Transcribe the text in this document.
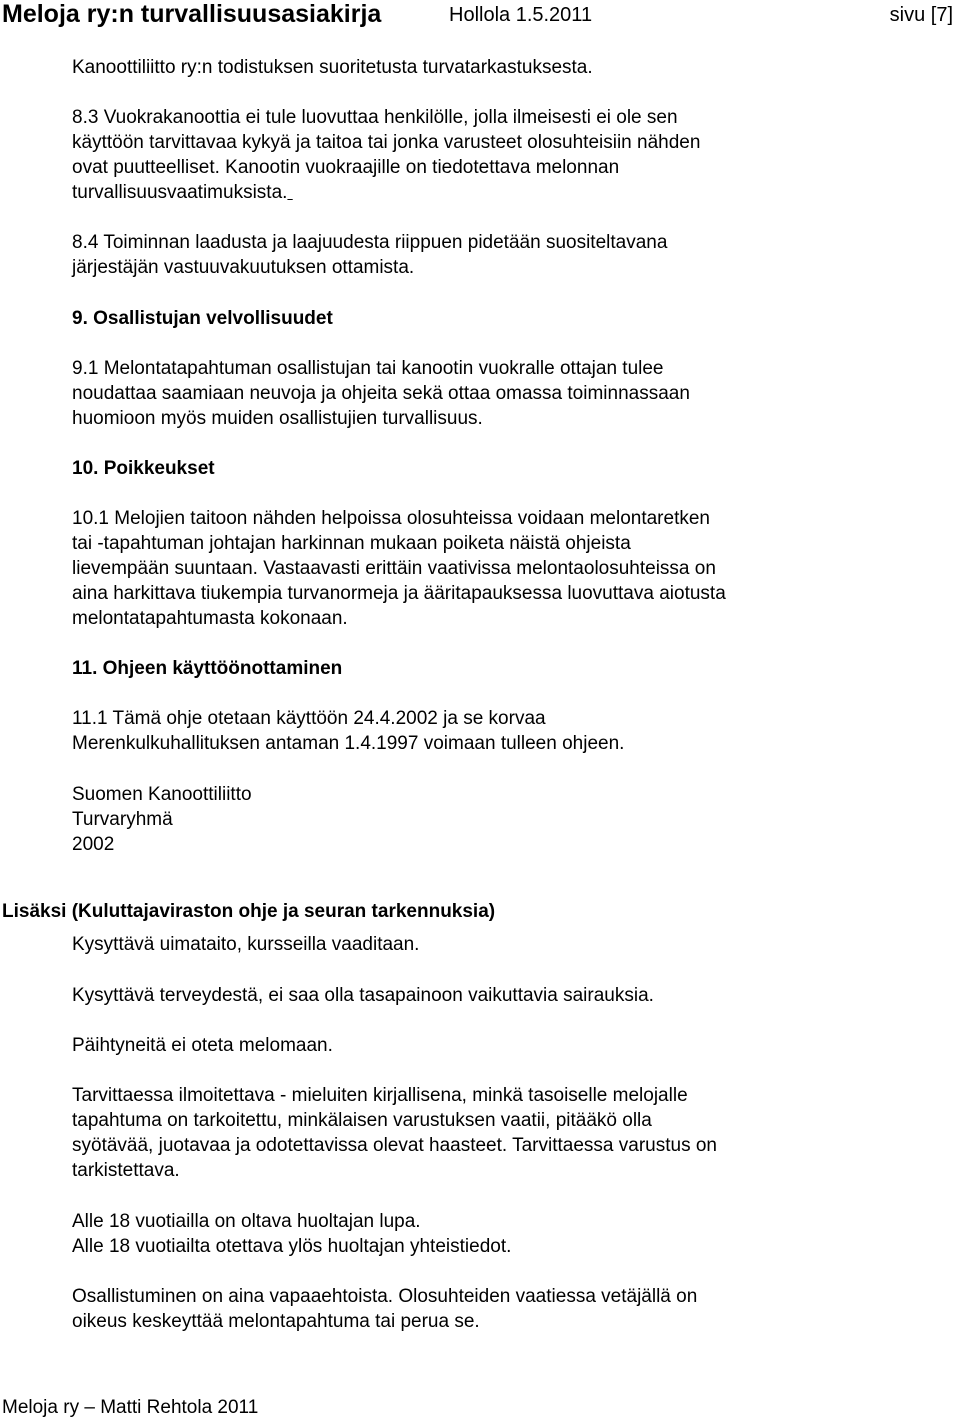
Meloja ry:n turvallisuusasiakirja	Hollola 1.5.2011	sivu [7]

Kanoottiliitto ry:n todistuksen suoritetusta turvatarkastuksesta.

8.3 Vuokrakanoottia ei tule luovuttaa henkilölle, jolla ilmeisesti ei ole sen
käyttöön tarvittavaa kykyä ja taitoa tai jonka varusteet olosuhteisiin nähden
ovat puutteelliset. Kanootin vuokraajille on tiedotettava melonnan
turvallisuusvaatimuksista.

8.4 Toiminnan laadusta ja laajuudesta riippuen pidetään suositeltavana
järjestäjän vastuuvakuutuksen ottamista.

9. Osallistujan velvollisuudet

9.1 Melontatapahtuman osallistujan tai kanootin vuokralle ottajan tulee
noudattaa saamiaan neuvoja ja ohjeita sekä ottaa omassa toiminnassaan
huomioon myös muiden osallistujien turvallisuus.

10. Poikkeukset

10.1 Melojien taitoon nähden helpoissa olosuhteissa voidaan melontaretken
tai -tapahtuman johtajan harkinnan mukaan poiketa näistä ohjeista
lievempään suuntaan. Vastaavasti erittäin vaativissa melontaolosuhteissa on
aina harkittava tiukempia turvanormeja ja ääritapauksessa luovuttava aiotusta
melontatapahtumasta kokonaan.

11. Ohjeen käyttöönottaminen

11.1 Tämä ohje otetaan käyttöön 24.4.2002 ja se korvaa
Merenkulkuhallituksen antaman 1.4.1997 voimaan tulleen ohjeen.

Suomen Kanoottiliitto
Turvaryhmä
2002

Lisäksi (Kuluttajaviraston ohje ja seuran tarkennuksia)

Kysyttävä uimataito, kursseilla vaaditaan.

Kysyttävä terveydestä, ei saa olla tasapainoon vaikuttavia sairauksia.

Päihtyneitä ei oteta melomaan.

Tarvittaessa ilmoitettava - mieluiten kirjallisena, minkä tasoiselle melojalle
tapahtuma on tarkoitettu, minkälaisen varustuksen vaatii, pitääkö olla
syötävää, juotavaa ja odotettavissa olevat haasteet. Tarvittaessa varustus on
tarkistettava.

Alle 18 vuotiailla on oltava huoltajan lupa.
Alle 18 vuotiailta otettava ylös huoltajan yhteistiedot.

Osallistuminen on aina vapaaehtoista. Olosuhteiden vaatiessa vetäjällä on
oikeus keskeyttää melontapahtuma tai perua se.

Meloja ry – Matti Rehtola 2011
